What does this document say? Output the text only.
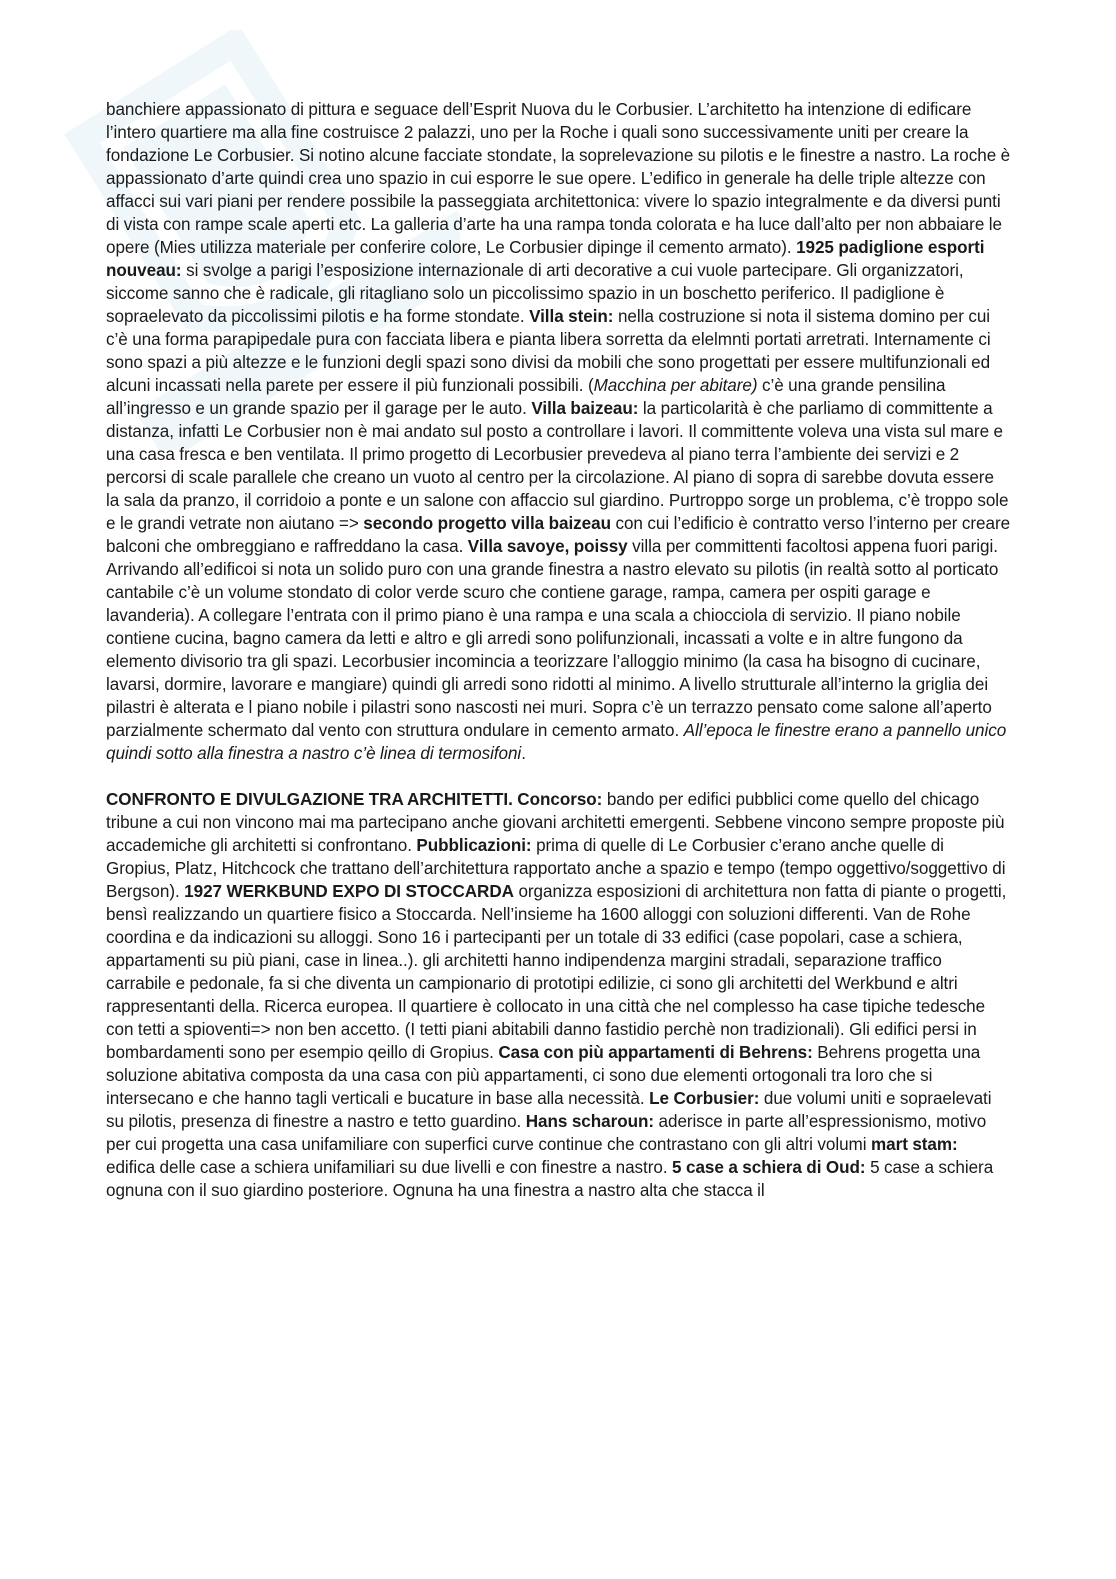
banchiere appassionato di pittura e seguace dell’Esprit Nuova du le Corbusier. L’architetto ha intenzione di edificare l’intero quartiere ma alla fine costruisce 2 palazzi, uno per la Roche i quali sono successivamente uniti per creare la fondazione Le Corbusier. Si notino alcune facciate stondate, la soprelevazione su pilotis e le finestre a nastro. La roche è appassionato d’arte quindi crea uno spazio in cui esporre le sue opere. L’edifico in generale ha delle triple altezze con affacci sui vari piani per rendere possibile la passeggiata architettonica: vivere lo spazio integralmente e da diversi punti di vista con rampe scale aperti etc. La galleria d’arte ha una rampa tonda colorata e ha luce dall’alto per non abbaiare le opere (Mies utilizza materiale per conferire colore, Le Corbusier dipinge il cemento armato). 1925 padiglione esporti nouveau: si svolge a parigi l’esposizione internazionale di arti decorative a cui vuole partecipare. Gli organizzatori, siccome sanno che è radicale, gli ritagliano solo un piccolissimo spazio in un boschetto periferico. Il padiglione è sopraelevato da piccolissimi pilotis e ha forme stondate. Villa stein: nella costruzione si nota il sistema domino per cui c’è una forma parapipedale pura con facciata libera e pianta libera sorretta da elelmnti portati arretrati. Internamente ci sono spazi a più altezze e le funzioni degli spazi sono divisi da mobili che sono progettati per essere multifunzionali ed alcuni incassati nella parete per essere il più funzionali possibili. (Macchina per abitare) c’è una grande pensilina all’ingresso e un grande spazio per il garage per le auto. Villa baizeau: la particolarità è che parliamo di committente a distanza, infatti Le Corbusier non è mai andato sul posto a controllare i lavori. Il committente voleva una vista sul mare e una casa fresca e ben ventilata. Il primo progetto di Lecorbusier prevedeva al piano terra l’ambiente dei servizi e 2 percorsi di scale parallele che creano un vuoto al centro per la circolazione. Al piano di sopra di sarebbe dovuta essere la sala da pranzo, il corridoio a ponte e un salone con affaccio sul giardino. Purtroppo sorge un problema, c’è troppo sole e le grandi vetrate non aiutano => secondo progetto villa baizeau con cui l’edificio è contratto verso l’interno per creare balconi che ombreggiano e raffreddano la casa. Villa savoye, poissy villa per committenti facoltosi appena fuori parigi. Arrivando all’edificoi si nota un solido puro con una grande finestra a nastro elevato su pilotis (in realtà sotto al porticato cantabile c’è un volume stondato di color verde scuro che contiene garage, rampa, camera per ospiti garage e lavanderia). A collegare l’entrata con il primo piano è una rampa e una scala a chiocciola di servizio. Il piano nobile contiene cucina, bagno camera da letti e altro e gli arredi sono polifunzionali, incassati a volte e in altre fungono da elemento divisorio tra gli spazi. Lecorbusier incomincia a teorizzare l’alloggio minimo (la casa ha bisogno di cucinare, lavarsi, dormire, lavorare e mangiare) quindi gli arredi sono ridotti al minimo. A livello strutturale all’interno la griglia dei pilastri è alterata e l piano nobile i pilastri sono nascosti nei muri. Sopra c’è un terrazzo pensato come salone all’aperto parzialmente schermato dal vento con struttura ondulare in cemento armato. All’epoca le finestre erano a pannello unico quindi sotto alla finestra a nastro c’è linea di termosifoni.

CONFRONTO E DIVULGAZIONE TRA ARCHITETTI. Concorso: bando per edifici pubblici come quello del chicago tribune a cui non vincono mai ma partecipano anche giovani architetti emergenti. Sebbene vincono sempre proposte più accademiche gli architetti si confrontano. Pubblicazioni: prima di quelle di Le Corbusier c’erano anche quelle di Gropius, Platz, Hitchcock che trattano dell’architettura rapportato anche a spazio e tempo (tempo oggettivo/soggettivo di Bergson). 1927 WERKBUND EXPO DI STOCCARDA organizza esposizioni di architettura non fatta di piante o progetti, bensì realizzando un quartiere fisico a Stoccarda. Nell’insieme ha 1600 alloggi con soluzioni differenti. Van de Rohe coordina e da indicazioni su alloggi. Sono 16 i partecipanti per un totale di 33 edifici (case popolari, case a schiera, appartamenti su più piani, case in linea..). gli architetti hanno indipendenza margini stradali, separazione traffico carrabile e pedonale, fa si che diventa un campionario di prototipi edilizie, ci sono gli architetti del Werkbund e altri rappresentanti della. Ricerca europea. Il quartiere è collocato in una città che nel complesso ha case tipiche tedesche con tetti a spioventi=> non ben accetto. (I tetti piani abitabili danno fastidio perchè non tradizionali). Gli edifici persi in bombardamenti sono per esempio qeillo di Gropius. Casa con più appartamenti di Behrens: Behrens progetta una soluzione abitativa composta da una casa con più appartamenti, ci sono due elementi ortogonali tra loro che si intersecano e che hanno tagli verticali e bucature in base alla necessità. Le Corbusier: due volumi uniti e sopraelevati su pilotis, presenza di finestre a nastro e tetto guardino. Hans scharoun: aderisce in parte all’espressionismo, motivo per cui progetta una casa unifamiliare con superfici curve continue che contrastano con gli altri volumi mart stam: edifica delle case a schiera unifamiliari su due livelli e con finestre a nastro. 5 case a schiera di Oud: 5 case a schiera ognuna con il suo giardino posteriore. Ognuna ha una finestra a nastro alta che stacca il
